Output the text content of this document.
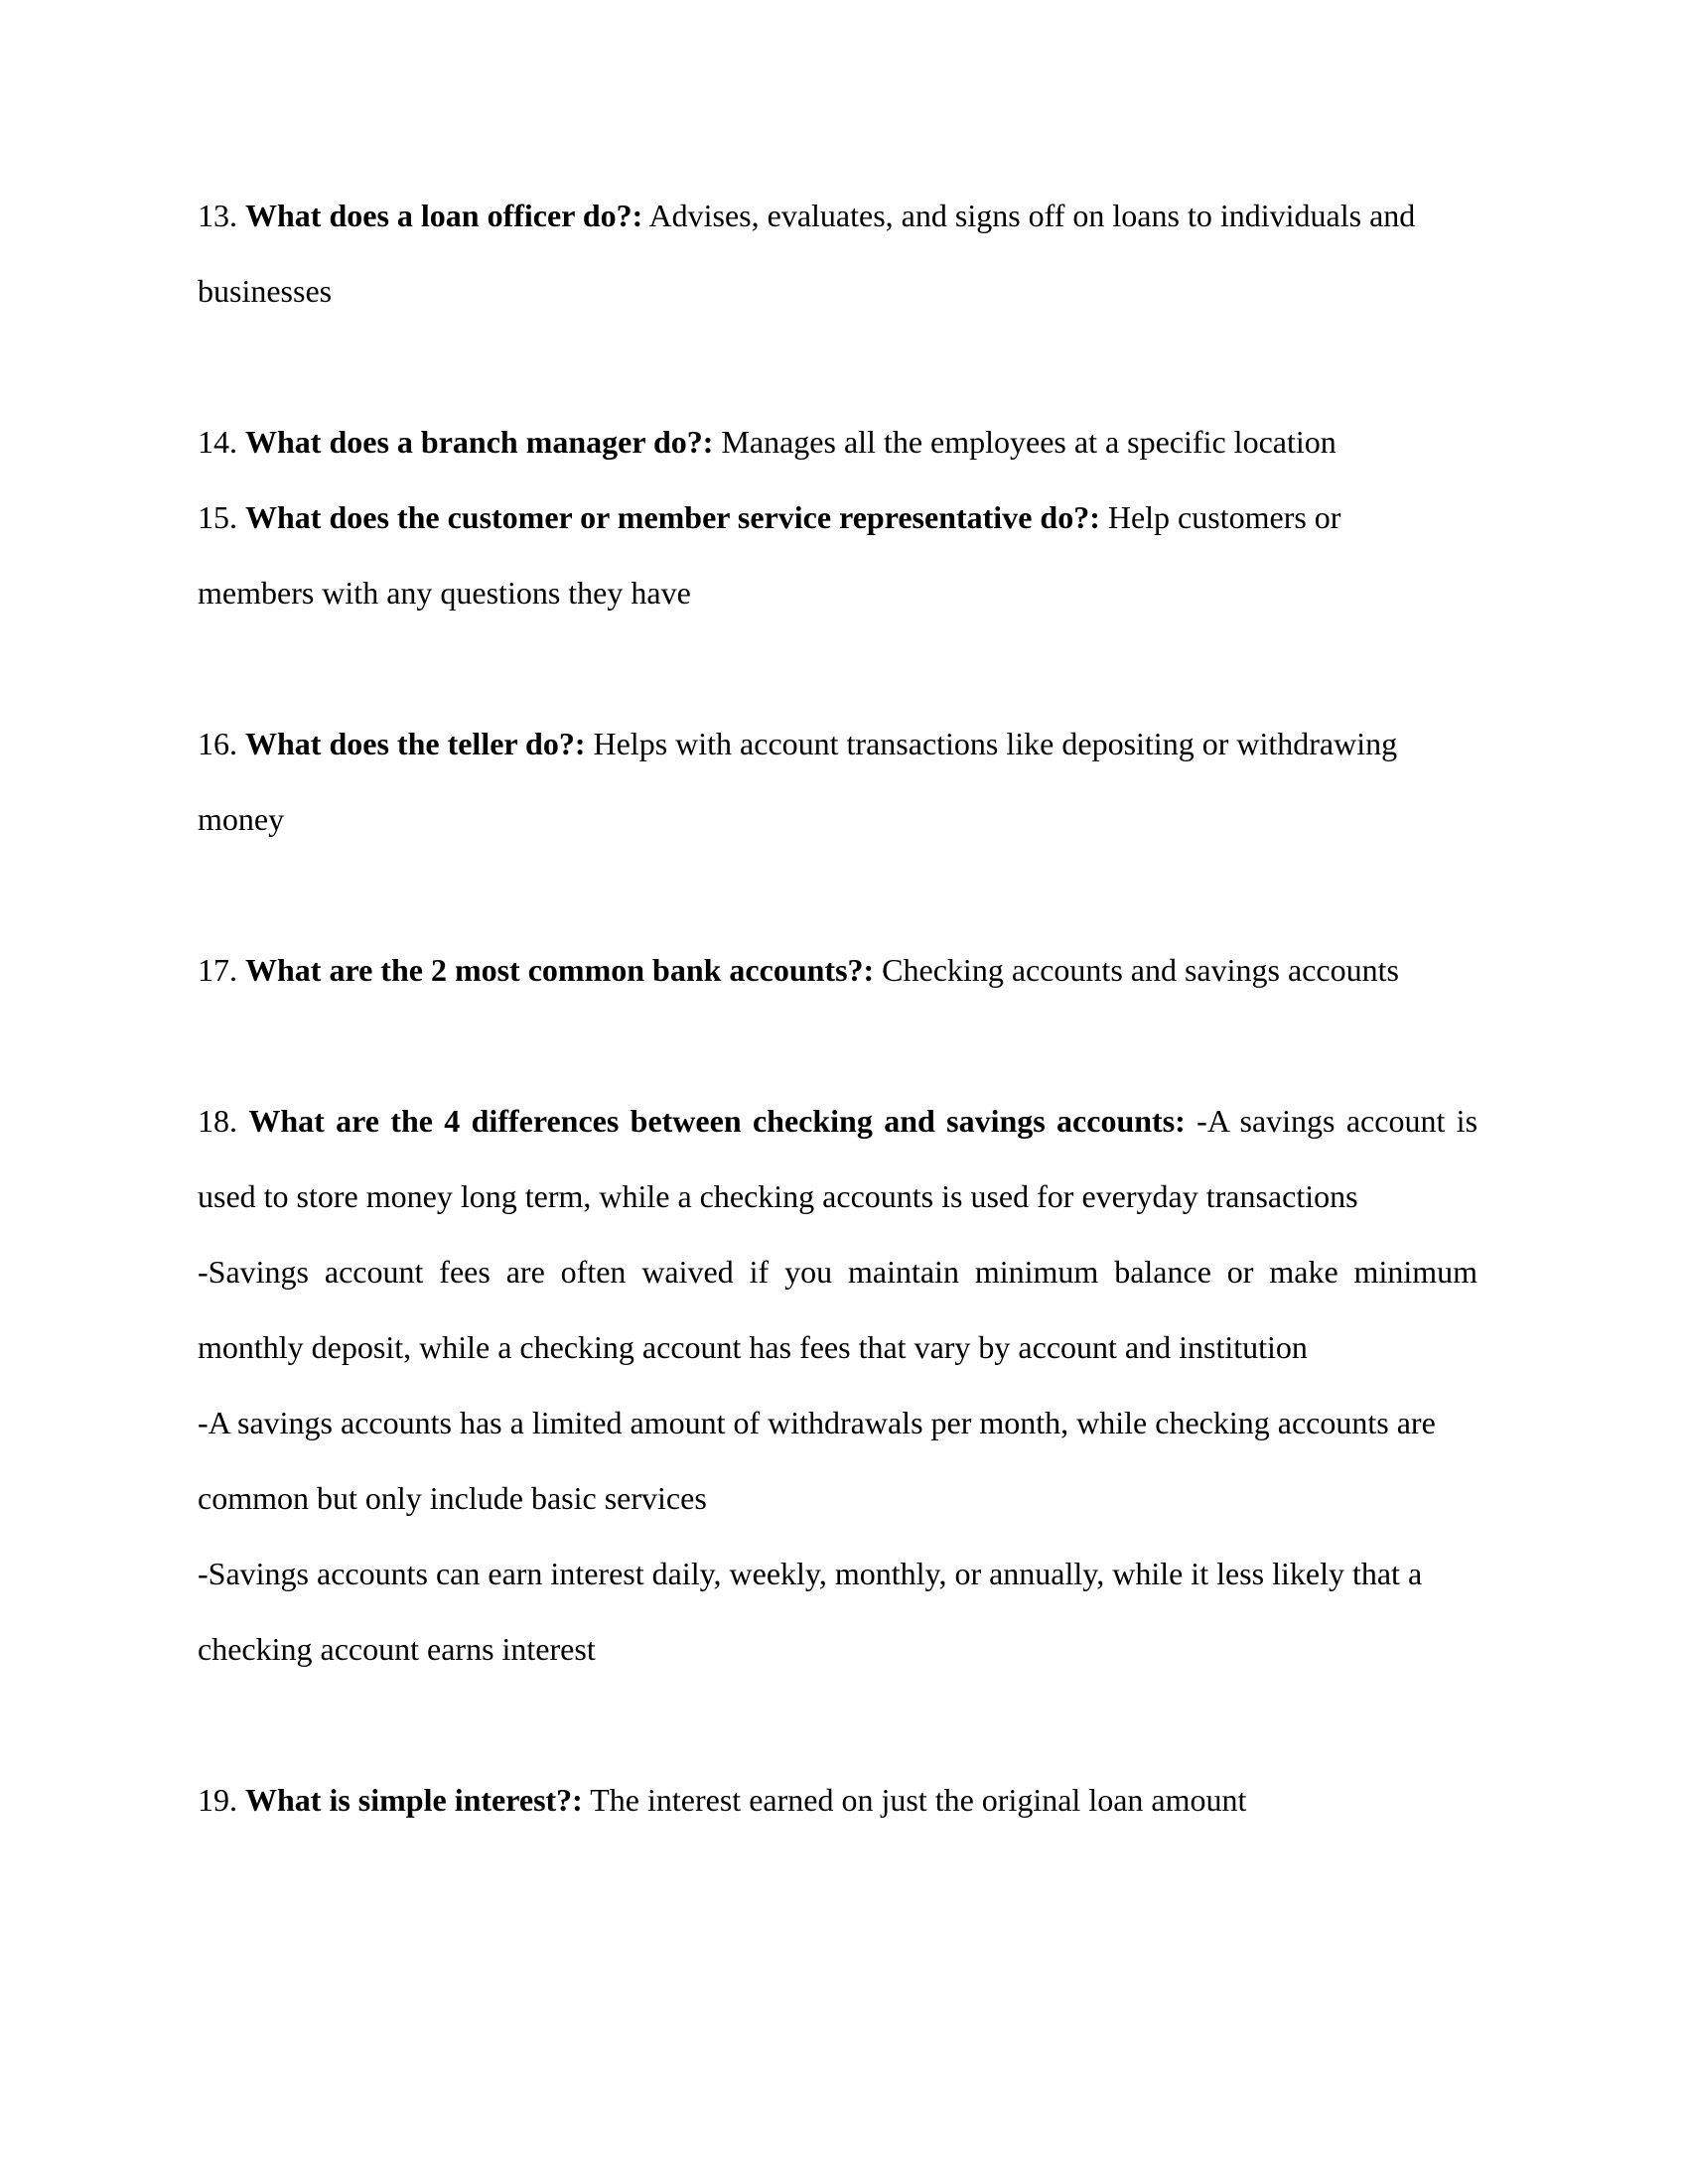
13. What does a loan officer do?: Advises, evaluates, and signs off on loans to individuals and
businesses
14. What does a branch manager do?: Manages all the employees at a specific location
15. What does the customer or member service representative do?: Help customers or
members with any questions they have
16. What does the teller do?: Helps with account transactions like depositing or withdrawing
money
17. What are the 2 most common bank accounts?: Checking accounts and savings accounts
18. What are the 4 differences between checking and savings accounts: -A savings account is
used to store money long term, while a checking accounts is used for everyday transactions
-Savings account fees are often waived if you maintain minimum balance or make minimum
monthly deposit, while a checking account has fees that vary by account and institution
-A savings accounts has a limited amount of withdrawals per month, while checking accounts are
common but only include basic services
-Savings accounts can earn interest daily, weekly, monthly, or annually, while it less likely that a
checking account earns interest
19. What is simple interest?: The interest earned on just the original loan amount
